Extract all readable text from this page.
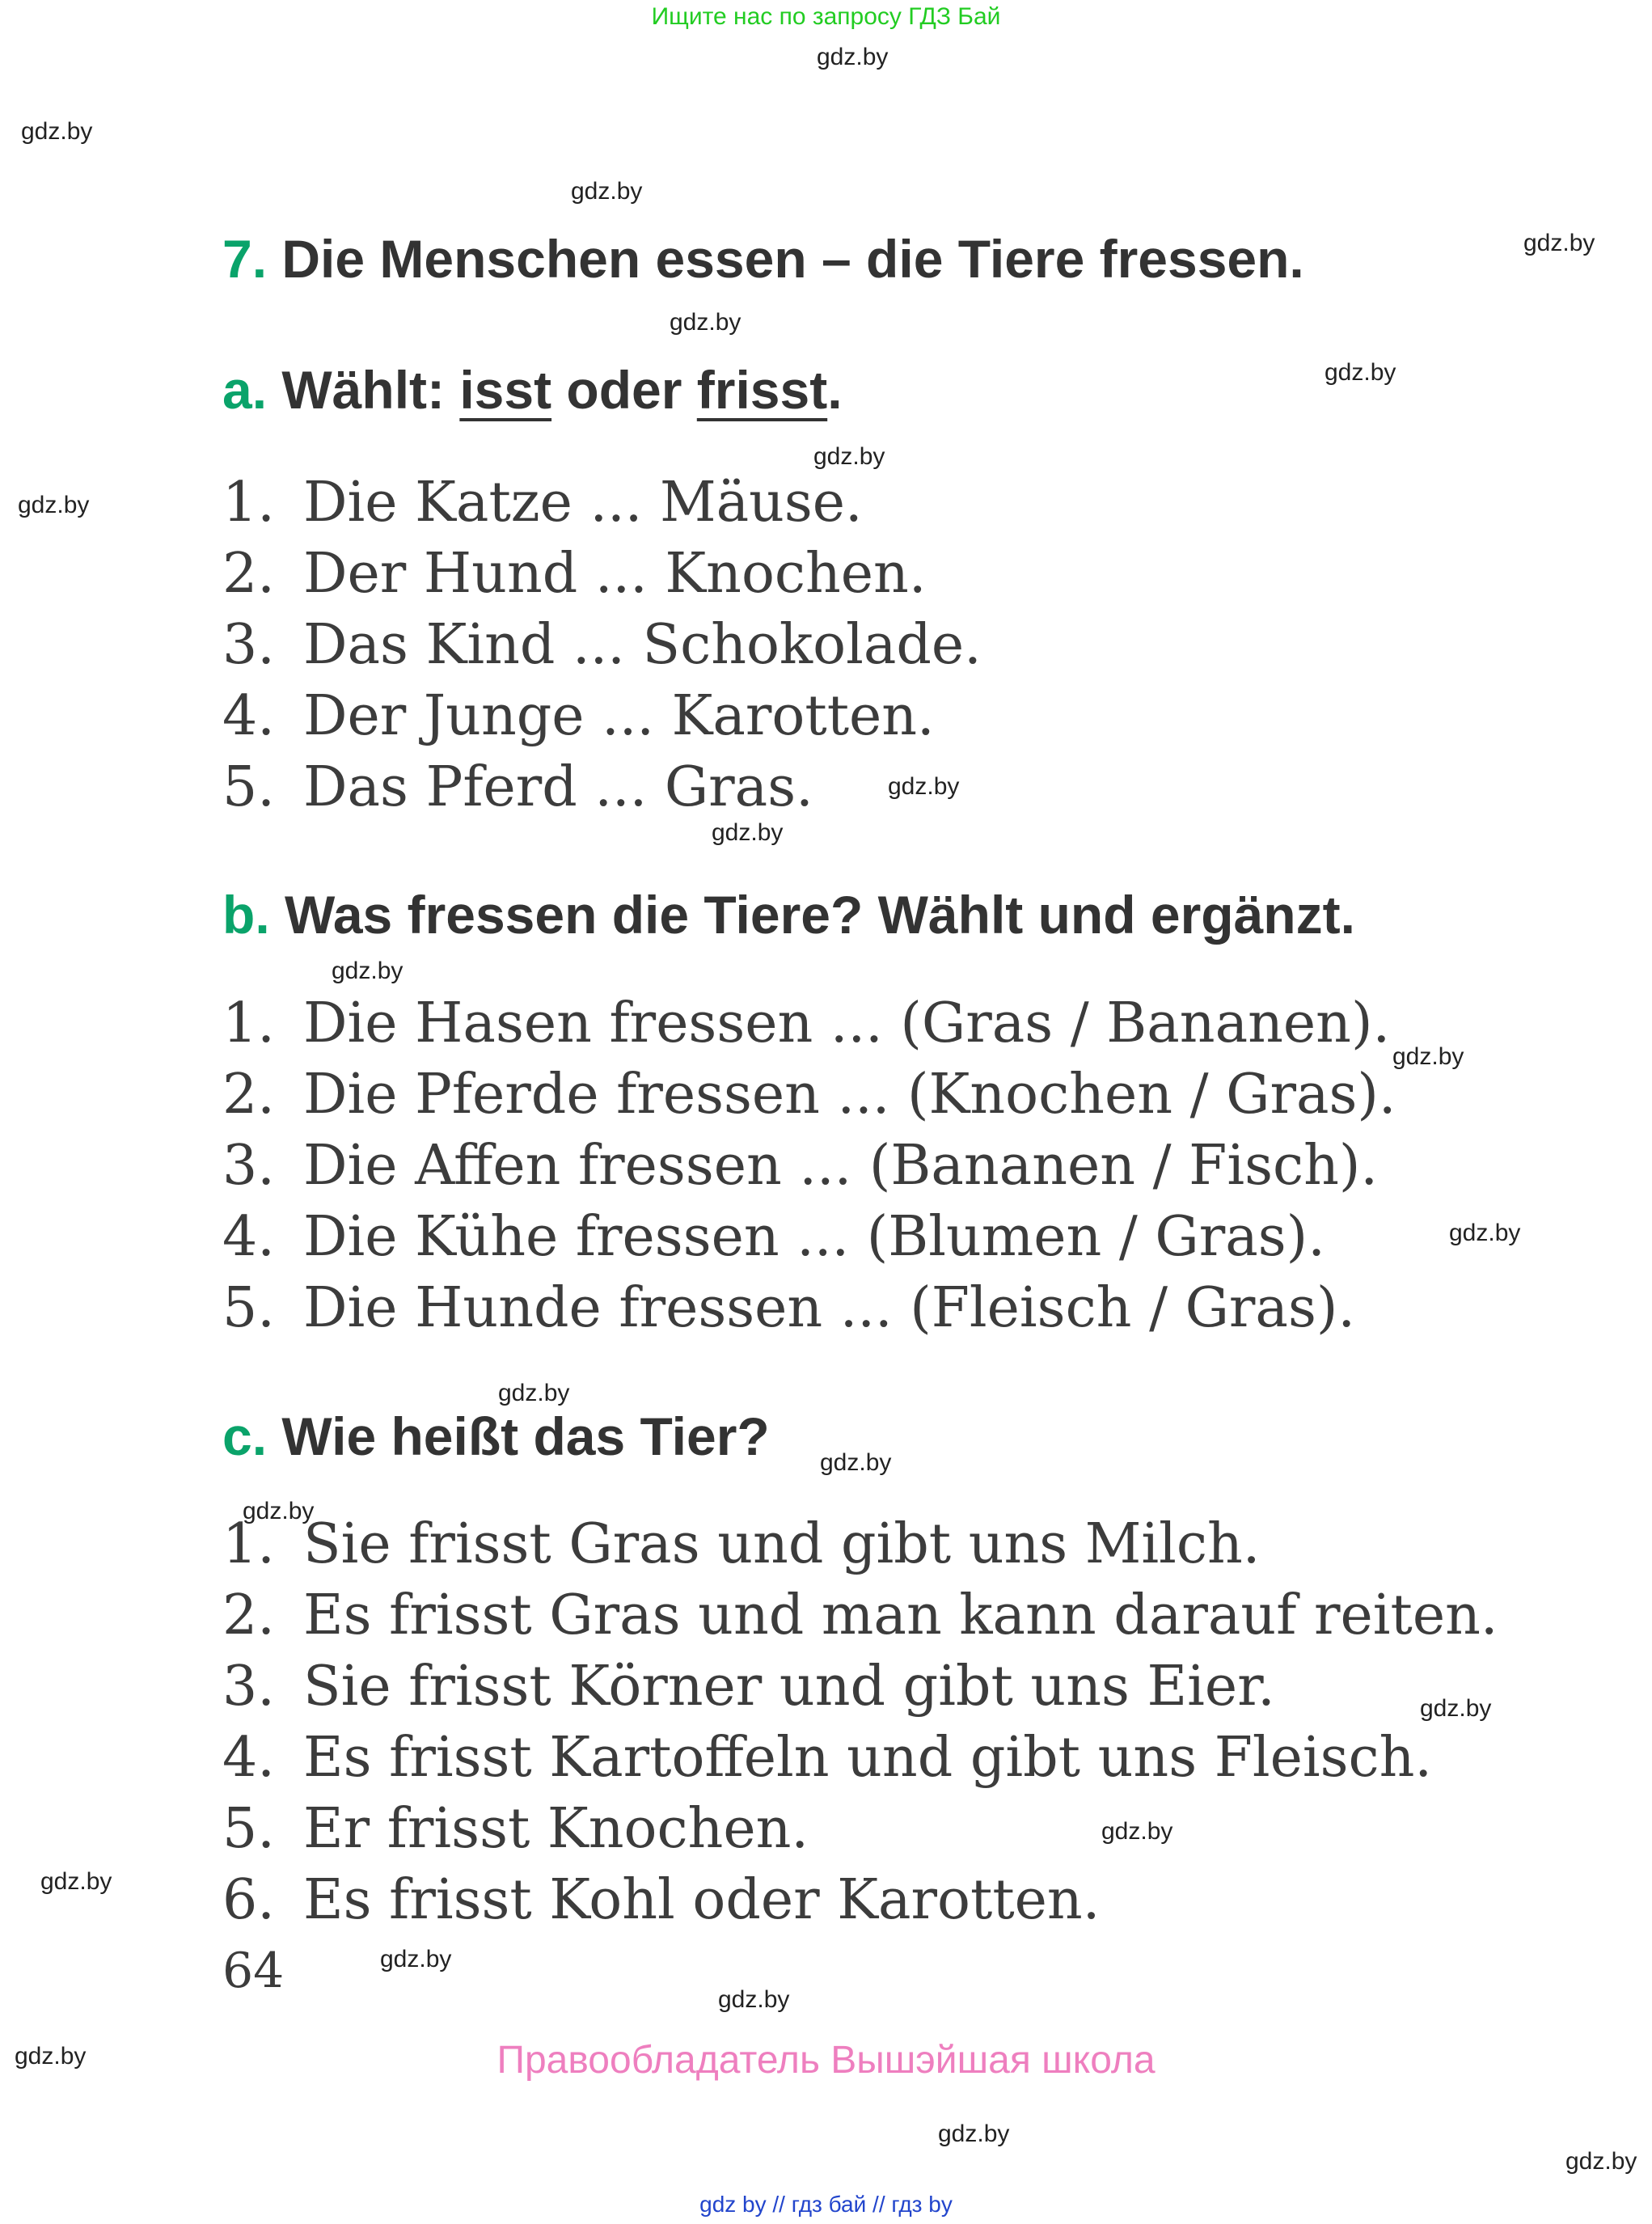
Ищите нас по запросу ГДЗ Бай
gdz.by
gdz.by
gdz.by
gdz.by
gdz.by
gdz.by
gdz.by
gdz.by
gdz.by
gdz.by
gdz.by
gdz.by
gdz.by
gdz.by
gdz.by
gdz.by
gdz.by
gdz.by
gdz.by
gdz.by
gdz.by
gdz.by
gdz.by
gdz.by
7. Die Menschen essen – die Tiere fressen.
a. Wählt: isst oder frisst.
1. Die Katze ... Mäuse.
2. Der Hund ... Knochen.
3. Das Kind ... Schokolade.
4. Der Junge ... Karotten.
5. Das Pferd ... Gras.
b. Was fressen die Tiere? Wählt und ergänzt.
1. Die Hasen fressen ... (Gras / Bananen).
2. Die Pferde fressen ... (Knochen / Gras).
3. Die Affen fressen ... (Bananen / Fisch).
4. Die Kühe fressen ... (Blumen / Gras).
5. Die Hunde fressen ... (Fleisch / Gras).
c. Wie heißt das Tier?
1. Sie frisst Gras und gibt uns Milch.
2. Es frisst Gras und man kann darauf reiten.
3. Sie frisst Körner und gibt uns Eier.
4. Es frisst Kartoffeln und gibt uns Fleisch.
5. Er frisst Knochen.
6. Es frisst Kohl oder Karotten.
64
Правообладатель Вышэйшая школа
gdz by // гдз бай // гдз by
